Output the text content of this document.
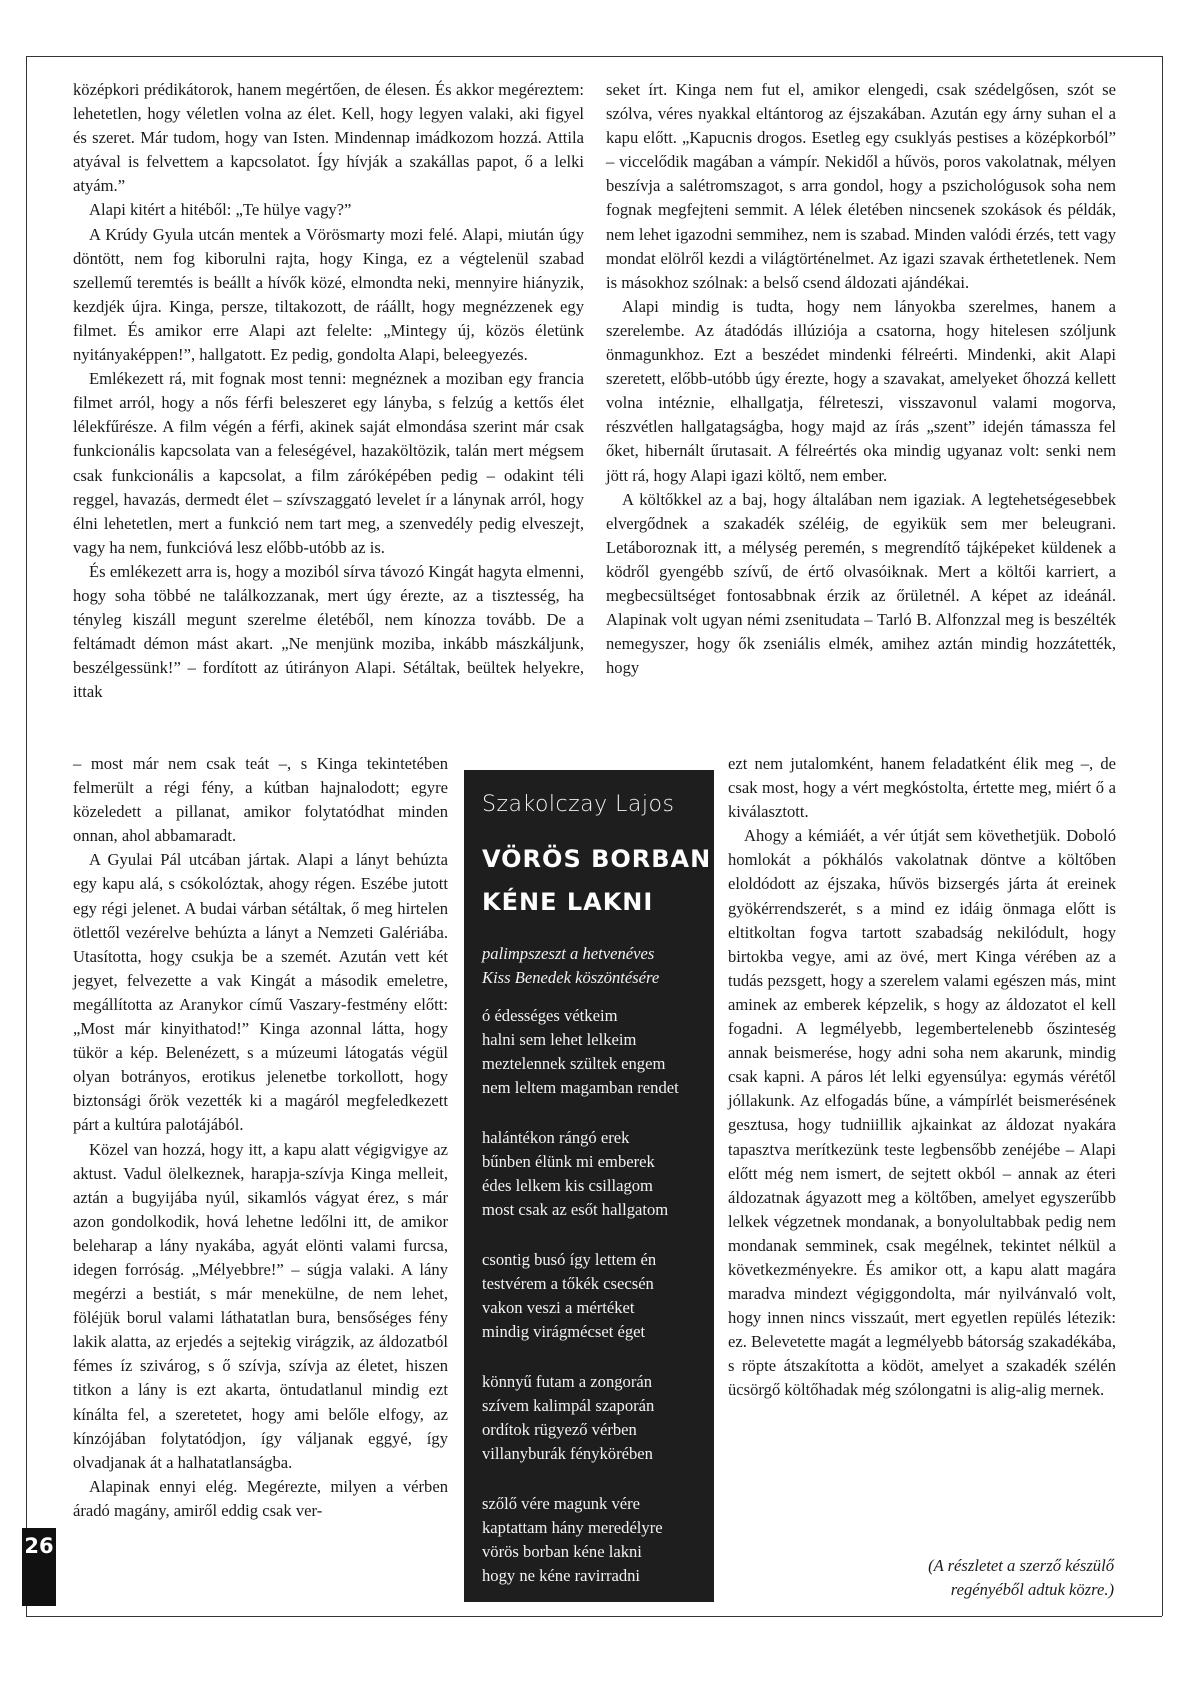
középkori prédikátorok, hanem megértően, de élesen. És akkor megéreztem: lehetetlen, hogy véletlen volna az élet. Kell, hogy legyen valaki, aki figyel és szeret. Már tudom, hogy van Isten. Mindennap imádkozom hozzá. Attila atyával is felvettem a kapcsolatot. Így hívják a szakállas papot, ő a lelki atyám.”

Alapi kitért a hitéből: „Te hülye vagy?”

A Krúdy Gyula utcán mentek a Vörösmarty mozi felé. Alapi, miután úgy döntött, nem fog kiborulni rajta, hogy Kinga, ez a végtelenül szabad szellemű teremtés is beállt a hívők közé, elmondta neki, mennyire hiányzik, kezdjék újra. Kinga, persze, tiltakozott, de ráállt, hogy megnézzenek egy filmet. És amikor erre Alapi azt felelte: „Mintegy új, közös életünk nyitányaképpen!”, hallgatott. Ez pedig, gondolta Alapi, beleegyezés.

Emlékezett rá, mit fognak most tenni: megnéznek a moziban egy francia filmet arról, hogy a nős férfi beleszeret egy lányba, s felzúg a kettős élet lélekfűrésze. A film végén a férfi, akinek saját elmondása szerint már csak funkcionális kapcsolata van a feleségével, hazaköltözik, talán mert mégsem csak funkcionális a kapcsolat, a film záróképében pedig – odakint téli reggel, havazás, dermedt élet – szívszaggató levelet ír a lánynak arról, hogy élni lehetetlen, mert a funkció nem tart meg, a szenvedély pedig elveszejt, vagy ha nem, funkcióvá lesz előbb-utóbb az is.

És emlékezett arra is, hogy a moziból sírva távozó Kingát hagyta elmenni, hogy soha többé ne találkozzanak, mert úgy érezte, az a tisztesség, ha tényleg kiszáll megunt szerelme életéből, nem kínozza tovább. De a feltámadt démon mást akart. „Ne menjünk moziba, inkább mászkáljunk, beszélgessünk!” – fordított az útirányon Alapi. Sétáltak, beültek helyekre, ittak

– most már nem csak teát –, s Kinga tekintetében felmerült a régi fény, a kútban hajnalodott; egyre közeledett a pillanat, amikor folytatódhat minden onnan, ahol abbamaradt.

A Gyulai Pál utcában jártak. Alapi a lányt behúzta egy kapu alá, s csókolóztak, ahogy régen. Eszébe jutott egy régi jelenet. A budai várban sétáltak, ő meg hirtelen ötlettől vezérelve behúzta a lányt a Nemzeti Galériába. Utasította, hogy csukja be a szemét. Azután vett két jegyet, felvezette a vak Kingát a második emeletre, megállította az Aranykor című Vaszary-festmény előtt: „Most már kinyithatod!” Kinga azonnal látta, hogy tükör a kép. Belenézett, s a múzeumi látogatás végül olyan botrányos, erotikus jelenetbe torkollott, hogy biztonsági őrök vezették ki a magáról megfeledkezett párt a kultúra palotájából.

Közel van hozzá, hogy itt, a kapu alatt végigvigye az aktust. Vadul ölelkeznek, harapja-szívja Kinga melleit, aztán a bugyijába nyúl, sikamlós vágyat érez, s már azon gondolkodik, hová lehetne ledőlni itt, de amikor beleharap a lány nyakába, agyát elönti valami furcsa, idegen forróság. „Mélyebbre!” – súgja valaki. A lány megérzi a bestiát, s már menekülne, de nem lehet, föléjük borul valami láthatatlan bura, bensőséges fény lakik alatta, az erjedés a sejtekig virágzik, az áldozatból fémes íz szivárog, s ő szívja, szívja az életet, hiszen titkon a lány is ezt akarta, öntudatlanul mindig ezt kínálta fel, a szeretetet, hogy ami belőle elfogy, az kínzójában folytatódjon, így váljanak eggyé, így olvadjanak át a halhatatlanságba.

Alapinak ennyi elég. Megérezte, milyen a vérben áradó magány, amiről eddig csak ver-

seket írt. Kinga nem fut el, amikor elengedi, csak szédelgősen, szót se szólva, véres nyakkal eltántorog az éjszakában. Azután egy árny suhan el a kapu előtt. „Kapucnis drogos. Esetleg egy csuklyás pestises a középkorból” – viccelődik magában a vámpír. Nekidől a hűvös, poros vakolatnak, mélyen beszívja a salétromszagot, s arra gondol, hogy a pszichológusok soha nem fognak megfejteni semmit. A lélek életében nincsenek szokások és példák, nem lehet igazodni semmihez, nem is szabad. Minden valódi érzés, tett vagy mondat elölről kezdi a világtörténelmet. Az igazi szavak érthetetlenek. Nem is másokhoz szólnak: a belső csend áldozati ajándékai.

Alapi mindig is tudta, hogy nem lányokba szerelmes, hanem a szerelembe. Az átadódás illúziója a csatorna, hogy hitelesen szóljunk önmagunkhoz. Ezt a beszédet mindenki félreérti. Mindenki, akit Alapi szeretett, előbb-utóbb úgy érezte, hogy a szavakat, amelyeket őhozzá kellett volna intéznie, elhallgatja, félreteszi, visszavonul valami mogorva, részvétlen hallgatagságba, hogy majd az írás „szent” idején támassza fel őket, hibernált űrutasait. A félreértés oka mindig ugyanaz volt: senki nem jött rá, hogy Alapi igazi költő, nem ember.

A költőkkel az a baj, hogy általában nem igaziak. A legtehetségesebbek elvergődnek a szakadék széléig, de egyikük sem mer beleugrani. Letáboroznak itt, a mélység peremén, s megrendítő tájképeket küldenek a ködről gyengébb szívű, de értő olvasóiknak. Mert a költői karriert, a megbecsültséget fontosabbnak érzik az őrületnél. A képet az ideánál. Alapinak volt ugyan némi zsenitudata – Tarló B. Alfonzzal meg is beszélték nemegyszer, hogy ők zseniális elmék, amihez aztán mindig hozzátették, hogy

ezt nem jutalomként, hanem feladatként élik meg –, de csak most, hogy a vért megkóstolta, értette meg, miért ő a kiválasztott.

Ahogy a kémiáét, a vér útját sem követhetjük. Doboló homlokát a pókhálós vakolatnak döntve a költőben eloldódott az éjszaka, hűvös bizsergés járta át ereinek gyökérrendszerét, s a mind ez idáig önmaga előtt is eltitkoltan fogva tartott szabadság nekilódult, hogy birtokba vegye, ami az övé, mert Kinga vérében az a tudás pezsgett, hogy a szerelem valami egészen más, mint aminek az emberek képzelik, s hogy az áldozatot el kell fogadni. A legmélyebb, legembertelenebb őszinteség annak beismerése, hogy adni soha nem akarunk, mindig csak kapni. A páros lét lelki egyensúlya: egymás vérétől jóllakunk. Az elfogadás bűne, a vámpírlét beismerésének gesztusa, hogy tudniillik ajkainkat az áldozat nyakára tapasztva merítkezünk teste legbensőbb zenéjébe – Alapi előtt még nem ismert, de sejtett okból – annak az éteri áldozatnak ágyazott meg a költőben, amelyet egyszerűbb lelkek végzetnek mondanak, a bonyolultabbak pedig nem mondanak semminek, csak megélnek, tekintet nélkül a következményekre. És amikor ott, a kapu alatt magára maradva mindezt végiggondolta, már nyilvánvaló volt, hogy innen nincs visszaút, mert egyetlen repülés létezik: ez. Belevetette magát a legmélyebb bátorság szakadékába, s röpte átszakította a ködöt, amelyet a szakadék szélén ücsörgő költőhadak még szólongatni is alig-alig mernek.

(A részletet a szerző készülő
regényéből adtuk közre.)
Szakolczay Lajos
VÖRÖS BORBAN
KÉNE LAKNI
palimpszeszt a hetvenéves
Kiss Benedek köszöntésére
ó édességes vétkeim
halni sem lehet lelkeim
meztelennek szültek engem
nem leltem magamban rendet
halántékon rángó erek
bűnben élünk mi emberek
édes lelkem kis csillagom
most csak az esőt hallgatom
csontig busó így lettem én
testvérem a tőkék csecsén
vakon veszi a mértéket
mindig virágmécset éget
könnyű futam a zongorán
szívem kalimpál szaporán
ordítok rügyező vérben
villanyburák fénykörében
szőlő vére magunk vére
kaptattam hány meredélyre
vörös borban kéne lakni
hogy ne kéne ravirradni
26
